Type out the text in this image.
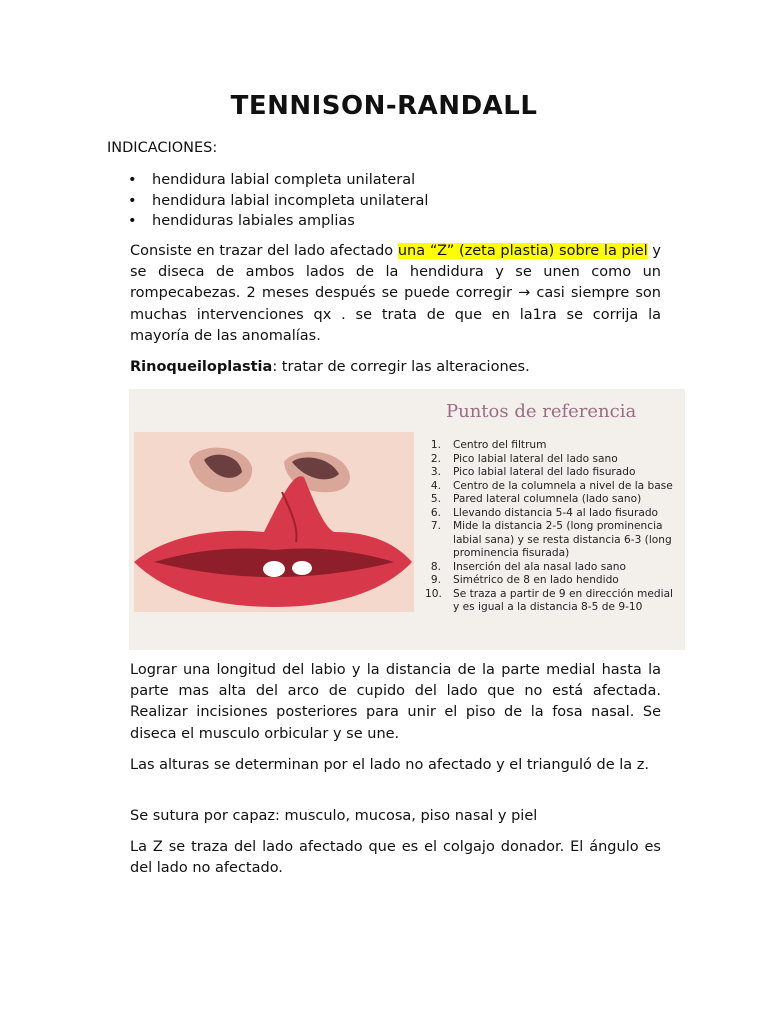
TENNISON-RANDALL
INDICACIONES:
• hendidura labial completa unilateral
• hendidura labial incompleta unilateral
• hendiduras labiales amplias

Consiste en trazar del lado afectado una “Z” (zeta plastia) sobre la piel y se diseca de ambos lados de la hendidura y se unen como un rompecabezas. 2 meses después se puede corregir → casi siempre son muchas intervenciones qx . se trata de que en la1ra se corrija la mayoría de las anomalías.

Rinoqueiloplastia: tratar de corregir las alteraciones.

Puntos de referencia
1. Centro del filtrum
2. Pico labial lateral del lado sano
3. Pico labial lateral del lado fisurado
4. Centro de la columnela a nivel de la base
5. Pared lateral columnela (lado sano)
6. Llevando distancia 5-4 al lado fisurado
7. Mide la distancia 2-5 (long prominencia labial sana) y se resta distancia 6-3 (long prominencia fisurada)
8. Inserción del ala nasal lado sano
9. Simétrico de 8 en lado hendido
10. Se traza a partir de 9 en dirección medial y es igual a la distancia 8-5 de 9-10

Lograr una longitud del labio y la distancia de la parte medial hasta la parte mas alta del arco de cupido del lado que no está afectada. Realizar incisiones posteriores para unir el piso de la fosa nasal. Se diseca el musculo orbicular y se une.

Las alturas se determinan por el lado no afectado y el trianguló de la z.

Se sutura por capaz: musculo, mucosa, piso nasal y piel

La Z se traza del lado afectado que es el colgajo donador. El ángulo es del lado no afectado.
